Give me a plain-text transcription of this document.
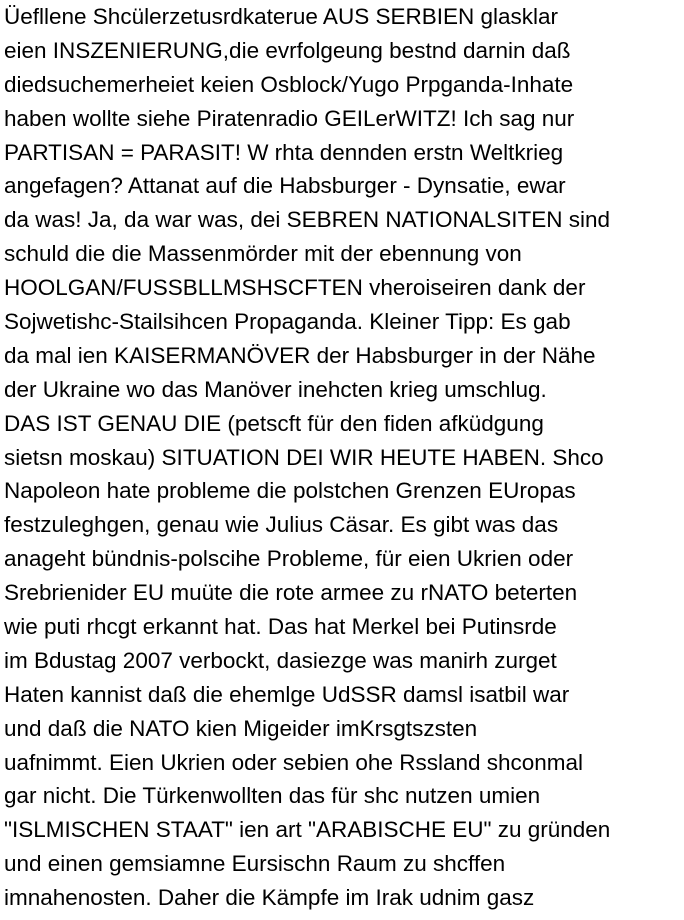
Üefllene Shcülerzetusrdkaterue AUS SERBIEN glasklar
eien INSZENIERUNG,die evrfolgeung bestnd darnin daß
diedsuchemerheiet keien Osblock/Yugo Prpganda-Inhate
haben wollte siehe Piratenradio GEILerWITZ! Ich sag nur
PARTISAN = PARASIT! W rhta dennden erstn Weltkrieg
angefagen? Attanat auf die Habsburger - Dynsatie, ewar
da was! Ja, da war was, dei SEBREN NATIONALSITEN sind
schuld die die Massenmörder mit der ebennung von
HOOLGAN/FUSSBLLMSHSCFTEN vheroiseiren dank der
Sojwetishc-Stailsihcen Propaganda. Kleiner Tipp: Es gab
da mal ien KAISERMANÖVER der Habsburger in der Nähe
der Ukraine wo das Manöver inehcten krieg umschlug.
DAS IST GENAU DIE (petscft für den fiden afküdgung
sietsn moskau) SITUATION DEI WIR HEUTE HABEN. Shco
Napoleon hate probleme die polstchen Grenzen EUropas
festzuleghgen, genau wie Julius Cäsar. Es gibt was das
anageht bündnis-polscihe Probleme, für eien Ukrien oder
Srebrienider EU muüte die rote armee zu rNATO beterten
wie puti rhcgt erkannt hat. Das hat Merkel bei Putinsrde
im Bdustag 2007 verbockt, dasiezge was manirh zurget
Haten kannist daß die ehemlge UdSSR damsl isatbil war
und daß die NATO kien Migeider imKrsgtszsten
uafnimmt. Eien Ukrien oder sebien ohe Rssland shconmal
gar nicht. Die Türkenwollten das für shc nutzen umien
"ISLMISCHEN STAAT" ien art "ARABISCHE EU" zu gründen
und einen gemsiamne Eursischn Raum zu shcffen
imnahenosten. Daher die Kämpfe im Irak udnim gasz
